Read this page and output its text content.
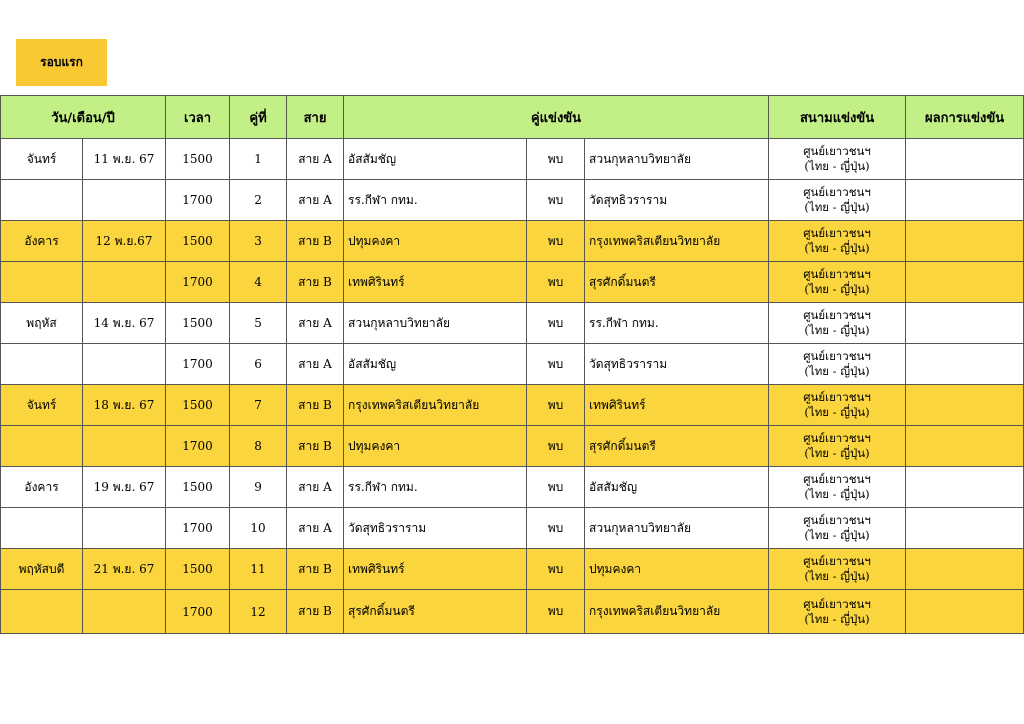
รอบแรก
วัน/เดือน/ปี		เวลา	คู่ที่	สาย	คู่แข่งขัน			สนามแข่งขัน	ผลการแข่งขัน
จันทร์	11 พ.ย. 67	1500	1	สาย A	อัสสัมชัญ	พบ	สวนกุหลาบวิทยาลัย	ศูนย์เยาวชนฯ
(ไทย - ญี่ปุ่น)	

		1700	2	สาย A	รร.กีฬา กทม.	พบ	วัดสุทธิวราราม	ศูนย์เยาวชนฯ
(ไทย - ญี่ปุ่น)	

อังคาร	12 พ.ย.67	1500	3	สาย B	ปทุมคงคา	พบ	กรุงเทพคริสเตียนวิทยาลัย	ศูนย์เยาวชนฯ
(ไทย - ญี่ปุ่น)	

		1700	4	สาย B	เทพศิรินทร์	พบ	สุรศักดิ์มนตรี	ศูนย์เยาวชนฯ
(ไทย - ญี่ปุ่น)	

พฤหัส	14 พ.ย. 67	1500	5	สาย A	สวนกุหลาบวิทยาลัย	พบ	รร.กีฬา กทม.	ศูนย์เยาวชนฯ
(ไทย - ญี่ปุ่น)	

		1700	6	สาย A	อัสสัมชัญ	พบ	วัดสุทธิวราราม	ศูนย์เยาวชนฯ
(ไทย - ญี่ปุ่น)	

จันทร์	18 พ.ย. 67	1500	7	สาย B	กรุงเทพคริสเตียนวิทยาลัย	พบ	เทพศิรินทร์	ศูนย์เยาวชนฯ
(ไทย - ญี่ปุ่น)	

		1700	8	สาย B	ปทุมคงคา	พบ	สุรศักดิ์มนตรี	ศูนย์เยาวชนฯ
(ไทย - ญี่ปุ่น)	

อังคาร	19 พ.ย. 67	1500	9	สาย A	รร.กีฬา กทม.	พบ	อัสสัมชัญ	ศูนย์เยาวชนฯ
(ไทย - ญี่ปุ่น)	

		1700	10	สาย A	วัดสุทธิวราราม	พบ	สวนกุหลาบวิทยาลัย	ศูนย์เยาวชนฯ
(ไทย - ญี่ปุ่น)	

พฤหัสบดี	21 พ.ย. 67	1500	11	สาย B	เทพศิรินทร์	พบ	ปทุมคงคา	ศูนย์เยาวชนฯ
(ไทย - ญี่ปุ่น)	

		1700	12	สาย B	สุรศักดิ์มนตรี	พบ	กรุงเทพคริสเตียนวิทยาลัย	ศูนย์เยาวชนฯ
(ไทย - ญี่ปุ่น)	
